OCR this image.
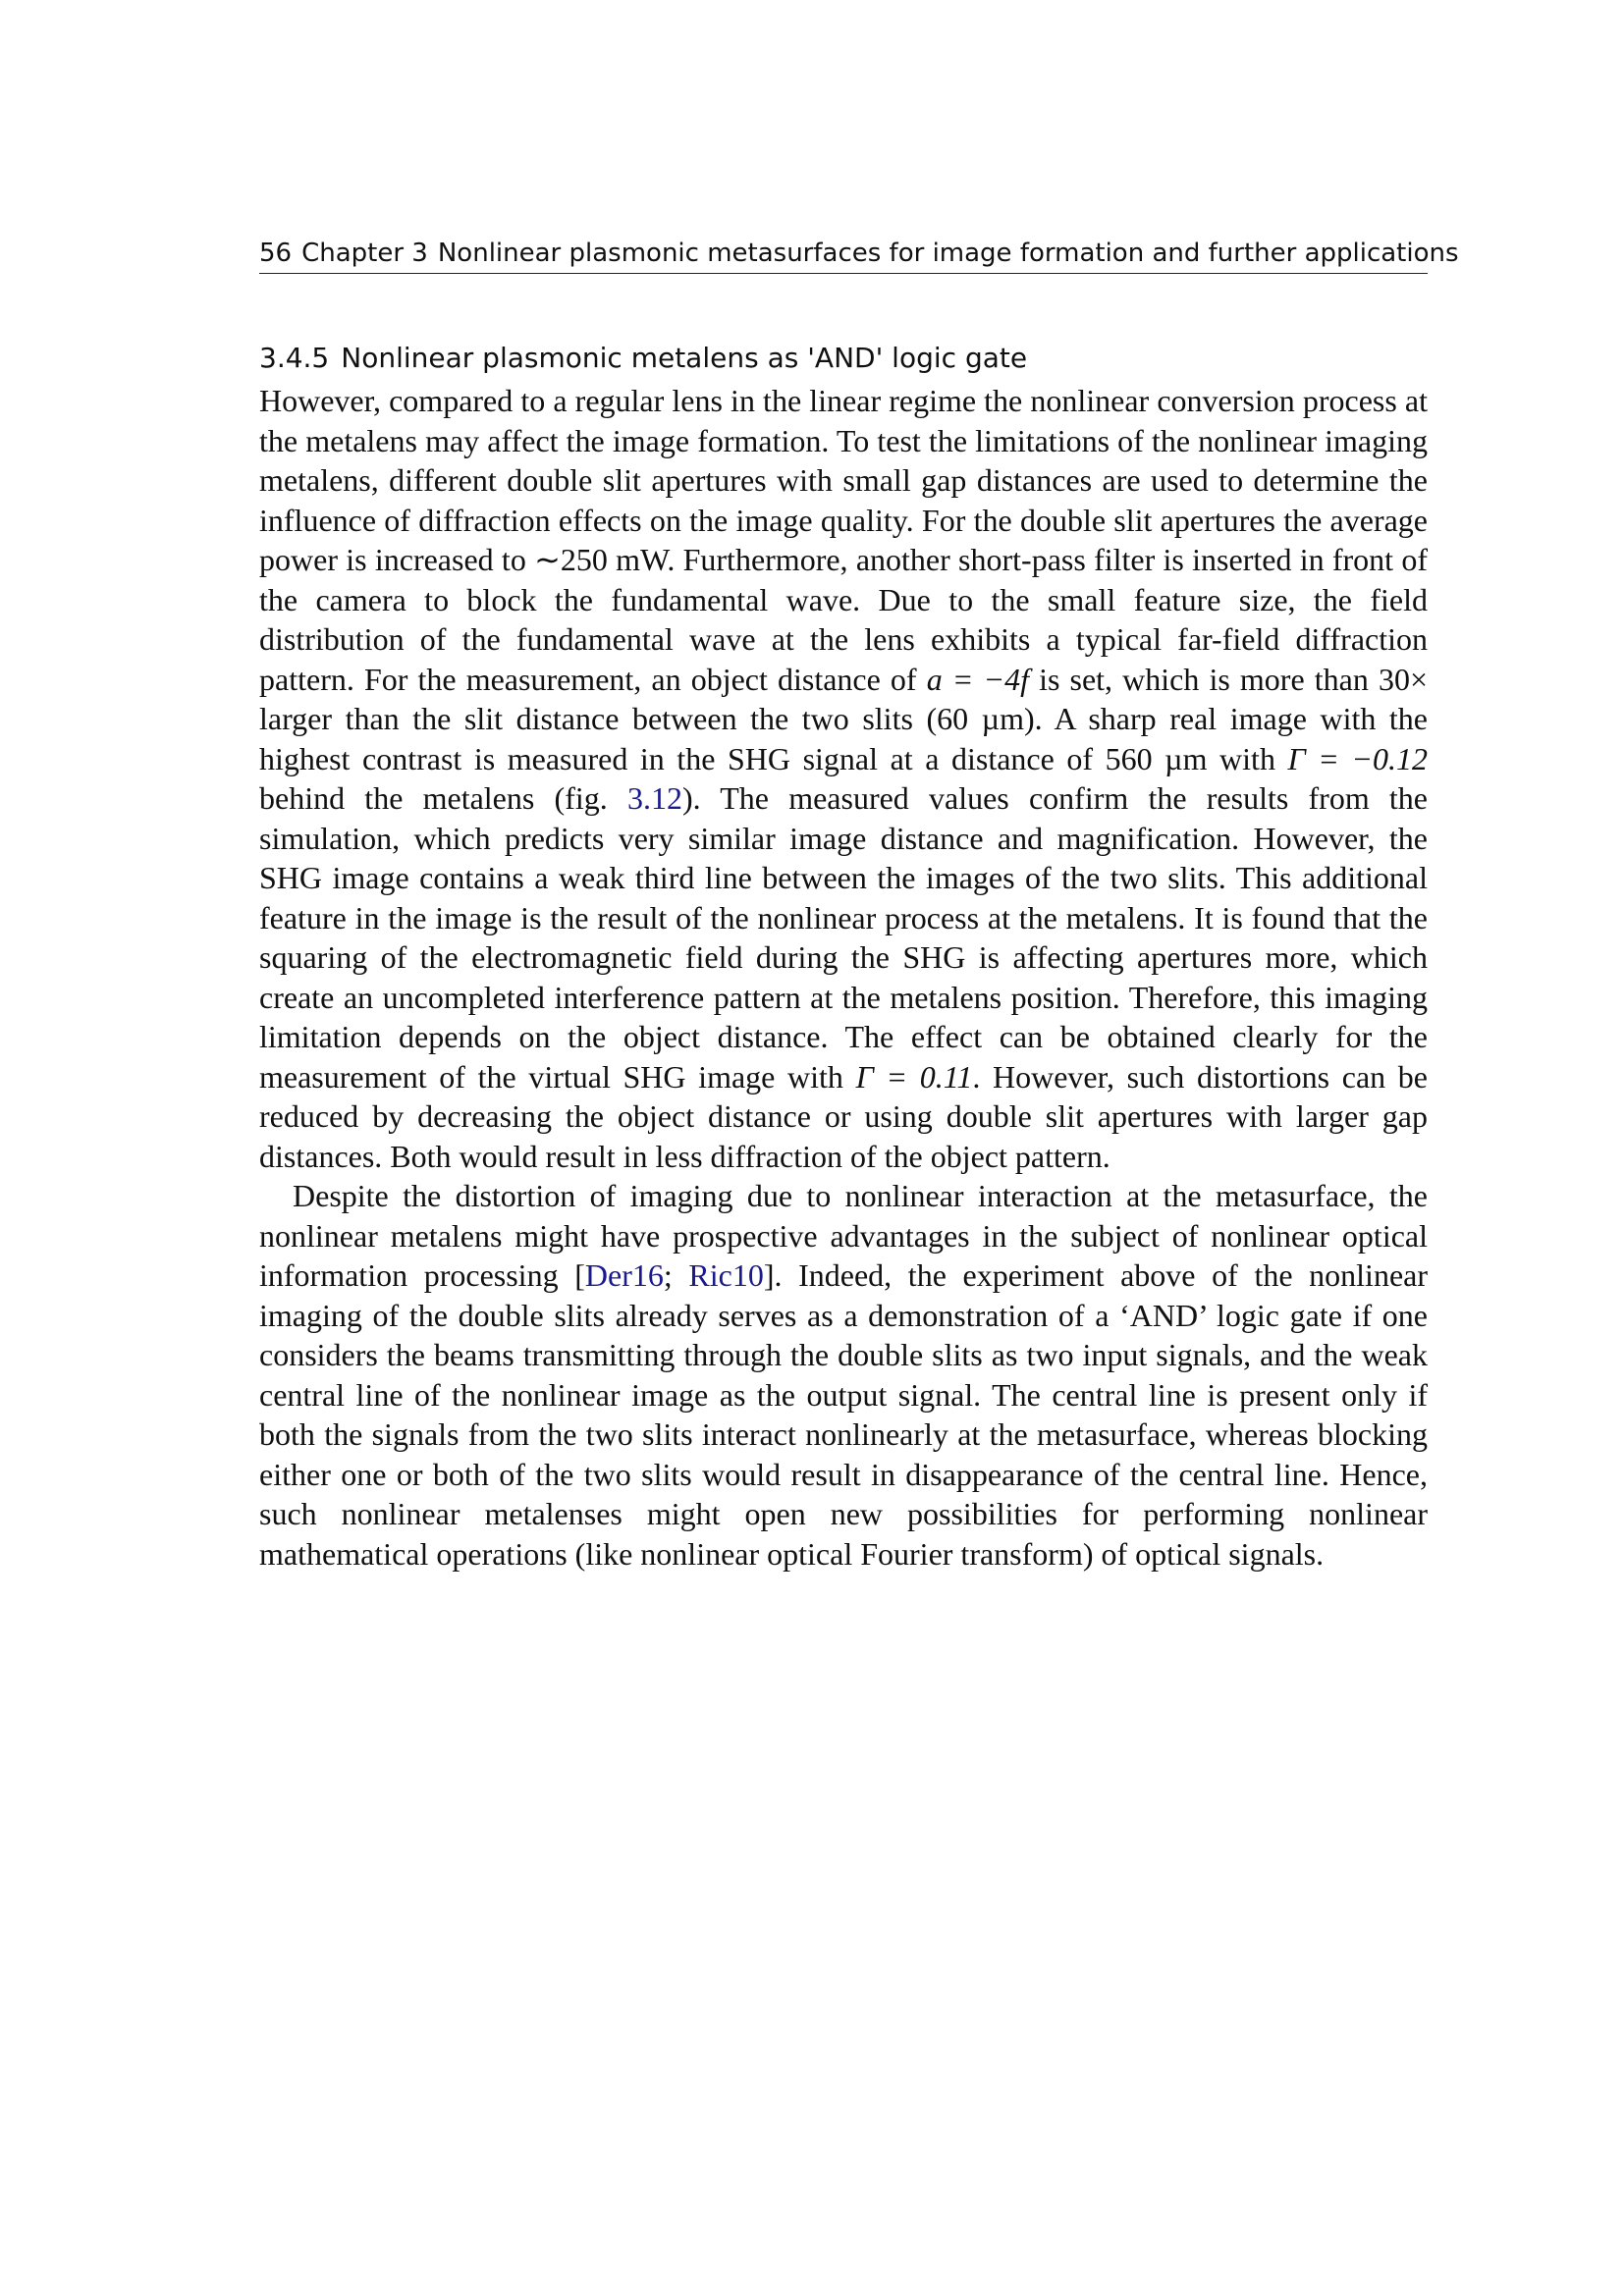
56 Chapter 3 Nonlinear plasmonic metasurfaces for image formation and further applications
3.4.5 Nonlinear plasmonic metalens as 'AND' logic gate

However, compared to a regular lens in the linear regime the nonlinear conversion process at the metalens may affect the image formation. To test the limitations of the nonlinear imaging metalens, different double slit apertures with small gap distances are used to determine the influence of diffraction effects on the image quality. For the double slit apertures the average power is increased to ∼250 mW. Furthermore, another short-pass filter is inserted in front of the camera to block the fundamental wave. Due to the small feature size, the field distribution of the fundamental wave at the lens exhibits a typical far-field diffraction pattern. For the measurement, an object distance of a = −4f is set, which is more than 30× larger than the slit distance between the two slits (60 µm). A sharp real image with the highest contrast is measured in the SHG signal at a distance of 560 µm with Γ = −0.12 behind the metalens (fig. 3.12). The measured values confirm the results from the simulation, which predicts very similar image distance and magnification. However, the SHG image contains a weak third line between the images of the two slits. This additional feature in the image is the result of the nonlinear process at the metalens. It is found that the squaring of the electromagnetic field during the SHG is affecting apertures more, which create an uncompleted interference pattern at the metalens position. Therefore, this imaging limitation depends on the object distance. The effect can be obtained clearly for the measurement of the virtual SHG image with Γ = 0.11. However, such distortions can be reduced by decreasing the object distance or using double slit apertures with larger gap distances. Both would result in less diffraction of the object pattern.

Despite the distortion of imaging due to nonlinear interaction at the metasurface, the nonlinear metalens might have prospective advantages in the subject of nonlinear optical information processing [Der16; Ric10]. Indeed, the experiment above of the nonlinear imaging of the double slits already serves as a demonstration of a ‘AND’ logic gate if one considers the beams transmitting through the double slits as two input signals, and the weak central line of the nonlinear image as the output signal. The central line is present only if both the signals from the two slits interact nonlinearly at the metasurface, whereas blocking either one or both of the two slits would result in disappearance of the central line. Hence, such nonlinear metalenses might open new possibilities for performing nonlinear mathematical operations (like nonlinear optical Fourier transform) of optical signals.
